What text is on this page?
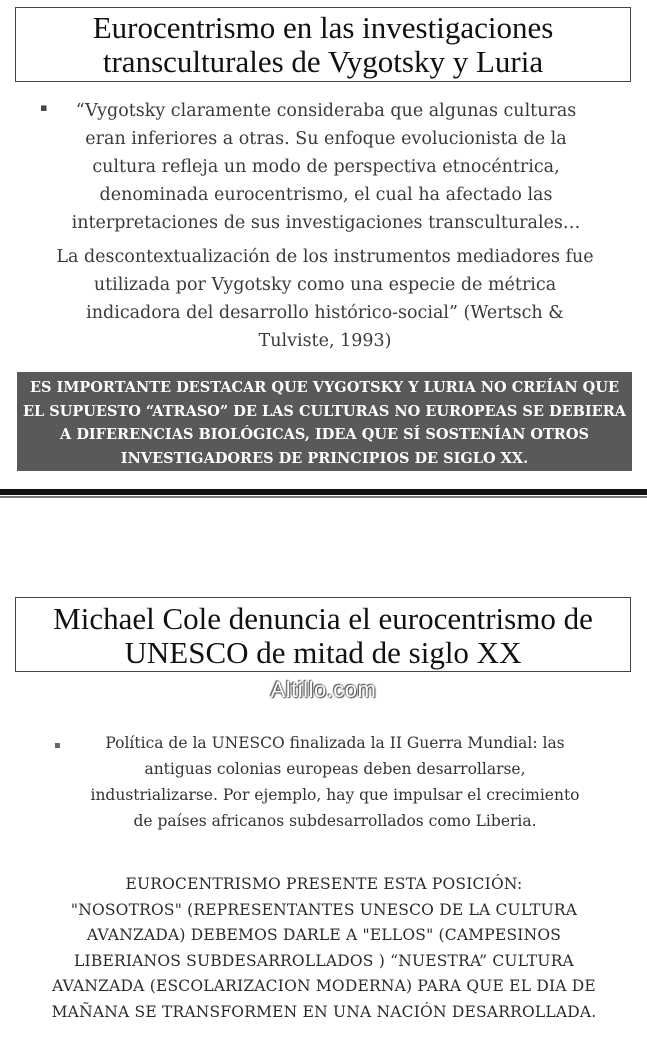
Eurocentrismo en las investigaciones
transculturales de Vygotsky y Luria
▪	“Vygotsky claramente consideraba que algunas culturas
eran inferiores a otras. Su enfoque evolucionista de la
cultura refleja un modo de perspectiva etnocéntrica,
denominada eurocentrismo, el cual ha afectado las
interpretaciones de sus investigaciones transculturales…
La descontextualización de los instrumentos mediadores fue
utilizada por Vygotsky como una especie de métrica
indicadora del desarrollo histórico-social” (Wertsch &
Tulviste, 1993)
ES IMPORTANTE DESTACAR QUE VYGOTSKY Y LURIA NO CREÍAN QUE
EL SUPUESTO “ATRASO” DE LAS CULTURAS NO EUROPEAS SE DEBIERA
A DIFERENCIAS BIOLÓGICAS, IDEA QUE SÍ SOSTENÍAN OTROS
INVESTIGADORES DE PRINCIPIOS DE SIGLO XX.
Michael Cole denuncia el eurocentrismo de
UNESCO de mitad de siglo XX
Altillo.com
▪	Política de la UNESCO finalizada la II Guerra Mundial: las
antiguas colonias europeas deben desarrollarse,
industrializarse. Por ejemplo, hay que impulsar el crecimiento
de países africanos subdesarrollados como Liberia.
EUROCENTRISMO PRESENTE ESTA POSICIÓN:
"NOSOTROS" (REPRESENTANTES UNESCO DE LA CULTURA
AVANZADA) DEBEMOS DARLE A "ELLOS" (CAMPESINOS
LIBERIANOS SUBDESARROLLADOS ) “NUESTRA” CULTURA
AVANZADA (ESCOLARIZACION MODERNA) PARA QUE EL DIA DE
MAÑANA SE TRANSFORMEN EN UNA NACIÓN DESARROLLADA.
